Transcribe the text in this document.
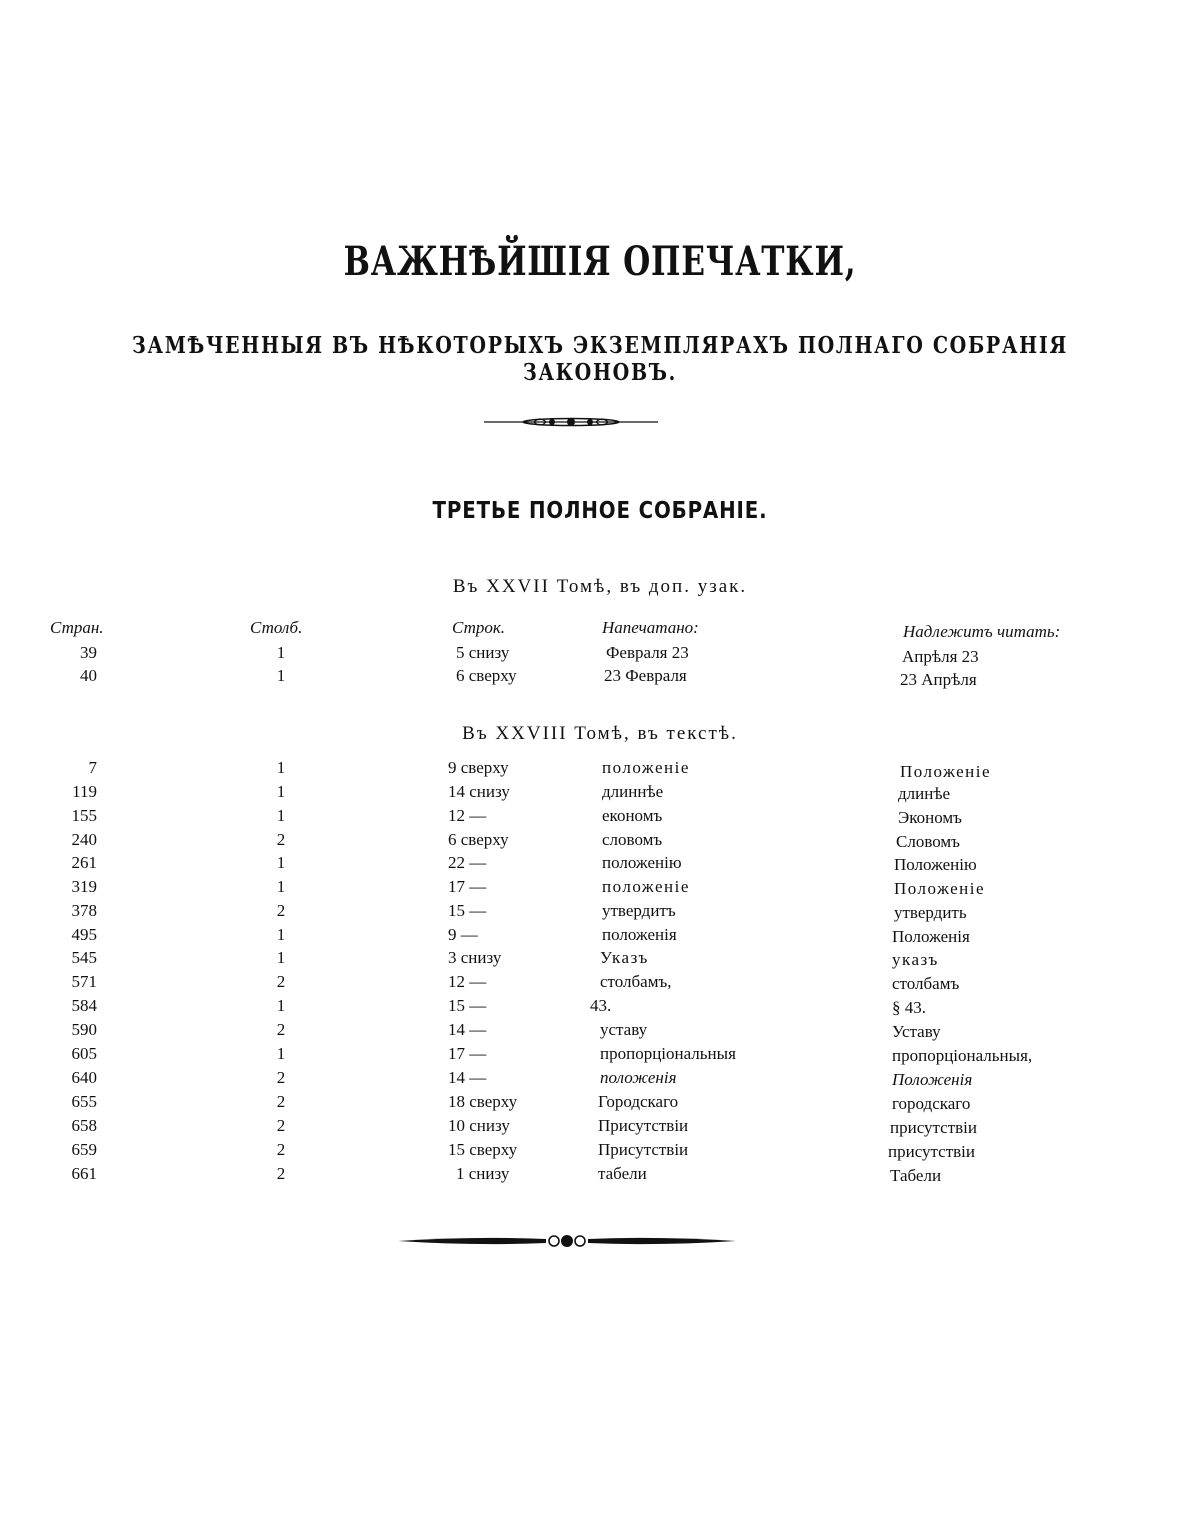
ВАЖНѢЙШІЯ ОПЕЧАТКИ,
ЗАМѢЧЕННЫЯ ВЪ НѢКОТОРЫХЪ ЭКЗЕМПЛЯРАХЪ ПОЛНАГО СОБРАНІЯ ЗАКОНОВЪ.
ТРЕТЬЕ ПОЛНОЕ СОБРАНІЕ.
Въ XXVII Томѣ, въ доп. узак.
Стран.	Столб.	Строк.	Напечатано:	Надлежитъ читать:
39	1	5 снизу	Февраля 23	Апрѣля 23
40	1	6 сверху	23 Февраля	23 Апрѣля
Въ XXVIII Томѣ, въ текстѣ.
7	1	9 сверху	положеніе	Положеніе
119	1	14 снизу	длиннѣе	длинѣе
155	1	12 —	економъ	Экономъ
240	2	6 сверху	словомъ	Словомъ
261	1	22 —	положенію	Положенію
319	1	17 —	положеніе	Положеніе
378	2	15 —	утвердитъ	утвердить
495	1	9 —	положенія	Положенія
545	1	3 снизу	Указъ	указъ
571	2	12 —	столбамъ,	столбамъ
584	1	15 —	43.	§ 43.
590	2	14 —	уставу	Уставу
605	1	17 —	пропорціональныя	пропорціональныя,
640	2	14 —	положенія	Положенія
655	2	18 сверху	Городскаго	городскаго
658	2	10 снизу	Присутствіи	присутствіи
659	2	15 сверху	Присутствіи	присутствіи
661	2	1 снизу	табели	Табели
